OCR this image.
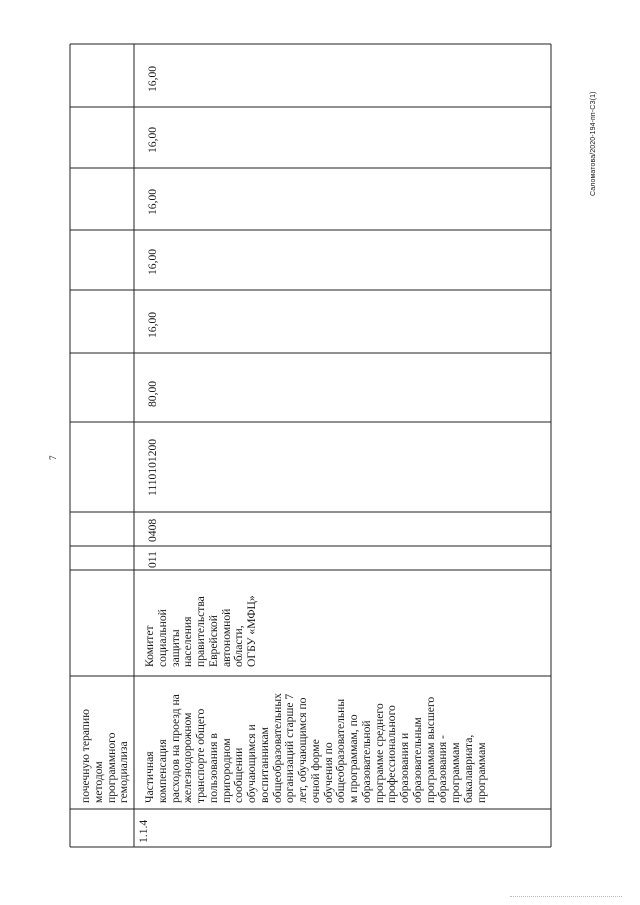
почечную терапию методом программного гемодиализа
1.1.4
Частичная компенсация расходов на проезд на железнодорожном транспорте общего пользования в пригородном сообщении обучающимся и воспитанникам общеобразовательных организаций старше 7 лет, обучающимся по очной форме обучения по общеобразовательны м программам, по образовательной программе среднего профессионального образования и образовательным программам высшего образования - программам бакалавриата, программам
Комитет социальной защиты населения правительства Еврейской автономной области, ОГБУ «МФЦ»
011
0408
1110101200
80,00
16,00
16,00
16,00
16,00
16,00
7
Саломатова/2020-194-пп-СЗ(1)
